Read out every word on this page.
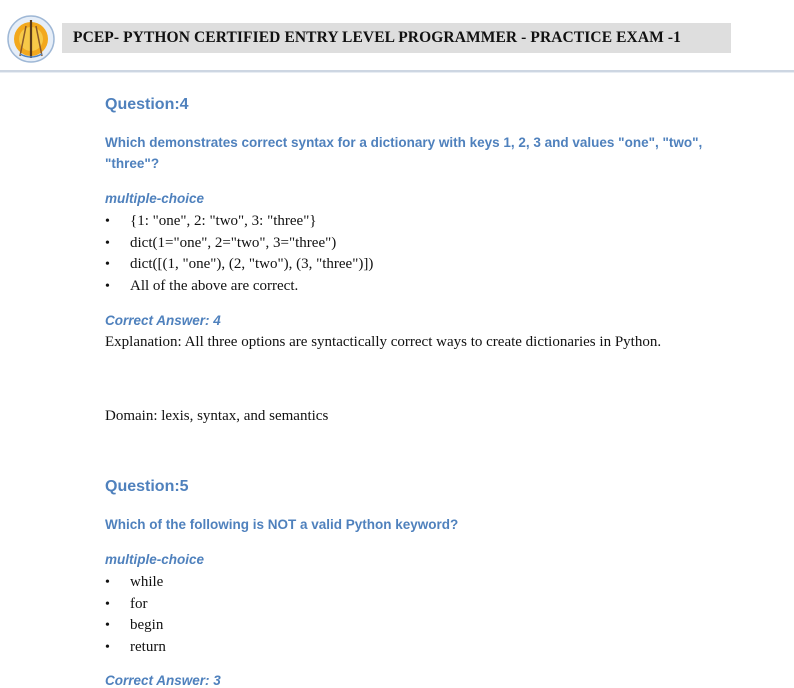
PCEP- PYTHON CERTIFIED ENTRY LEVEL PROGRAMMER - PRACTICE EXAM -1
Question:4
Which demonstrates correct syntax for a dictionary with keys 1, 2, 3 and values "one", "two", "three"?
multiple-choice
• {1: "one", 2: "two", 3: "three"}
• dict(1="one", 2="two", 3="three")
• dict([(1, "one"), (2, "two"), (3, "three")])
• All of the above are correct.
Correct Answer: 4
Explanation: All three options are syntactically correct ways to create dictionaries in Python.
Domain: lexis, syntax, and semantics
Question:5
Which of the following is NOT a valid Python keyword?
multiple-choice
• while
• for
• begin
• return
Correct Answer: 3
